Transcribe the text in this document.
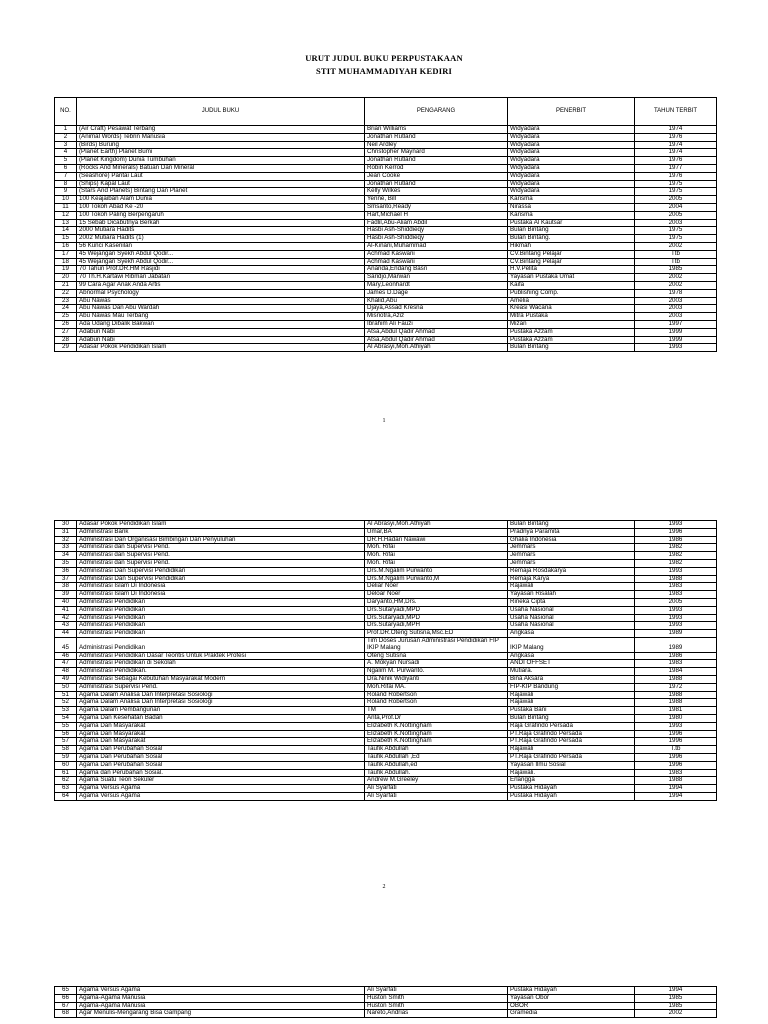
URUT JUDUL BUKU PERPUSTAKAAN
STIT MUHAMMADIYAH KEDIRI
NO.	JUDUL BUKU	PENGARANG	PENERBIT	TAHUN TERBIT
1	(Air Craft) Pesawat Terbang	Brian Williams	Widyadara	1974
2	(Animal Words) Tebrin Manusia	Jonathan Rutland	Widyadara	1976
3	(Birds) Burung	Neil Ardley	Widyadara	1974
4	(Planet Earth) Planet Bumi	Christopher Maynard	Widyadara	1974
5	(Planet Kingdom) Dunia Tumbuhan	Jonathan Rutland	Widyadara	1976
6	(Rocks And Minerals) Batuan Dan Mineral	Robin Kerrod	Widyadara	1977
7	(Seashore) Pantai Laut	Jean Cooke	Widyadara	1976
8	(Ships) Kapal Laut	Jonathan Rutland	Widyadara	1975
9	(Stars And Planets) Bintang Dan Planet	Kelly Wilkes	Widyadara	1975
10	100 Keajaiban Alam Dunia	Yenne, Bill	Karisma	2005
11	100 Tokoh Abad Ke -20	Smsanto,Ready	Nirassa	2004
12	100 Tokoh Paling Berpengaruh	Hart,Michael H	Karisma	2005
13	15 Sebab Dicabutnya Berkah	Fadlil,Abu-Aliam Abdil	Pustaka Al Kautsar	2003
14	2000 Mutiara Hadits	Hasbi Ash-Shiddieqy	Bulan Bintang	1975
15	2002 Mutiara Hadits (1)	Hasbi Ash-Shiddieqy	Bulan Bintang.	1975
16	56 Kunci Kasenilan	Al-Kinani,Muhammad	Hikmah	2002
17	45 Wejangan Syekh Abdul Qodir...	Achmad Kaswani	CV.Bintang Pelajar	Ttb
18	45 Wejangan Syekh Abdul Qodir...	Achmad Kaswani	CV.Bintang Pelajar	Ttb
19	70 Tahun Prof.DR.HM Rasjidi	Ananda,Endang Basri	H.V.Pelita	1985
20	70 Th.H.Kartawi Ribman Jabatan	Saridjo,Marwan	Yayasan Pustaka Umat	2002
21	99 Cara Agar Anak Anda Artis	Mary,Leonhardt	Kaifa	2002
22	Abnormal Psychology	James D.Dage	Publishing Comp.	1978
23	Abu Nawas	Khalid,Abu	Amelia	2003
24	Abu Nawas Dan Abu Wardah	Djaya,Assad Kresna	Kreasi Wacana	2003
25	Abu Nawas Mau Terbang	Misriotra,Aziz	Mitra Pustaka	2003
26	Ada Udang Dibalik Bakwan	Ibrahim Ali Fauzi	Mizan	1997
27	Adabun Nabi	Atsa,Abdul Qadir Ahmad	Pustaka Azzam	1999
28	Adabun Nabi	Atsa,Abdul Qadir Ahmad	Pustaka Azzam	1999
29	Adasar Pokok Pendidikan Islam	Al Abrasyi,Moh.Athiyah	Bulan Bintang	1993
1
30	Adasar Pokok Pendidikan Islam	Al Abrasyi,Moh.Athiyah	Bulan Bintang	1993
31	Administrasi Bank	Umar,BA	Pradnya Paramita	1996
32	Administrasi Dan Organisasi Bimbingan Dan Penyuluhan	DR.H.Hadari Nawawi	Ghalia Indonesia	1986
33	Administrasi dan Supervisi Pend.	Moh. Rifai	Jemmars	1982
34	Administrasi dan Supervisi Pend.	Moh. Rifai	Jemmars	1982
35	Administrasi dan Supervisi Pend.	Moh. Rifai	Jemmars	1982
36	Administrasi Dan Supervisi Pendidikan	Drs.M.Ngalim Purwanto	Remaja Rosdakarya	1993
37	Administrasi Dan Supervisi Pendidikan	Drs.M.Ngalim Purwanto,M	Remaja Karya	1988
38	Administrasi Islam Di Indonesia	Deliar Noer	Rajawali	1983
39	Administrasi Islam Di Indonesia	Deloar Noer	Yayasan Risalah	1983
40	Administrasi Pendidikan	Daryanto,HM,Drs.	Rineka Cipta	2005
41	Administrasi Pendidikan	Drs.Sutaryadi,MPD	Usaha Nasional	1993
42	Administrasi Pendidikan	Drs.Sutaryadi,MPD	Usaha Nasional	1993
43	Administrasi Pendidikan	Drs.Sutaryadi,MPH	Usaha Nasional	1993
44	Administrasi Pendidikan	Prof.DR.Oteng Sutisna,Msc.ED	Angkasa	1989
45	Administrasi Pendidikan	Tim Doses Jurusan Administrasi Pendidikan FIP IKIP Malang	IKIP Malang	1989
46	Administrasi Pendidikan Dasar Teoritis Untuk Praktek Profesi	Oteng Sutisna	Angkasa	1986
47	Administrasi Pendidikan di Sekolah	A. Mokyan Nursadi	ANDI OFFSET	1983
48	Administrasi Pendidikan.	Ngalim M. Purwanto.	Mutiara.	1984
49	Administrasi Sebagai Kebutuhan Masyarakat Modern	Dra.Ninik Widiyanti	Bina Aksara	1988
50	Administrasi Supervisi Pend.	Moh.Rifai MA.	FIP-KIP Bandung	1972
51	Agama Dalam Analisa Dan Interpretasi Sosiologi	Roland Robertson	Rajawali	1988
52	Agama Dalam Analisa Dan Interpretasi Sosiologi	Roland Robertson	Rajawali	1988
53	Agama Dalam Pembangunan	TM	Pustaka Bani	1981
54	Agama Dan Kesehatan Badan	Anta,Prof.Dr	Bulan Bintang	1980
55	Agama Dan Masyarakat	Elizabeth K.Nottingham	Raja Grafindo Persada	1993
56	Agama Dan Masyarakat	Elizabeth K.Nottingham	PT.Raja Grafindo Persada	1996
57	Agama Dan Masyarakat	Elizabeth K.Nottingham	PT.Raja Grafindo Persada	1996
58	Agama Dan Perubahan Sosial	Taufik Abdullah	Rajawali	T.tb
59	Agama Dan Perubahan Sosial	Taufik Abdullah ,Ed	PT.Raja Grafindo Persada	1996
60	Agama Dan Perubahan Sosial	Taufik Abdullah,ed	Yayasan Ilmu Sosial	1996
61	Agama dan Perubahan Sosial.	Taufik Abdullah.	Rajawali.	1983
62	Agama Suatu Teori Sekuler	Andrew M.Greeley	Erlangga	1988
63	Agama Versus Agama	Ali Syarfati	Pustaka Hidayah	1994
64	Agama Versus Agama	Ali Syarfati	Pustaka Hidayah	1994
2
65	Agama Versus Agama	Ali Syarfati	Pustaka Hidayah	1994
66	Agama-Agama Manusia	Huston Smith	Yayasan Obor	1985
67	Agama-Agama Manusia	Huston Smith	OBOR	1985
68	Agar Menulis-Mengarang Bisa Gampang	Nareto,Andrias	Gramedia	2002
